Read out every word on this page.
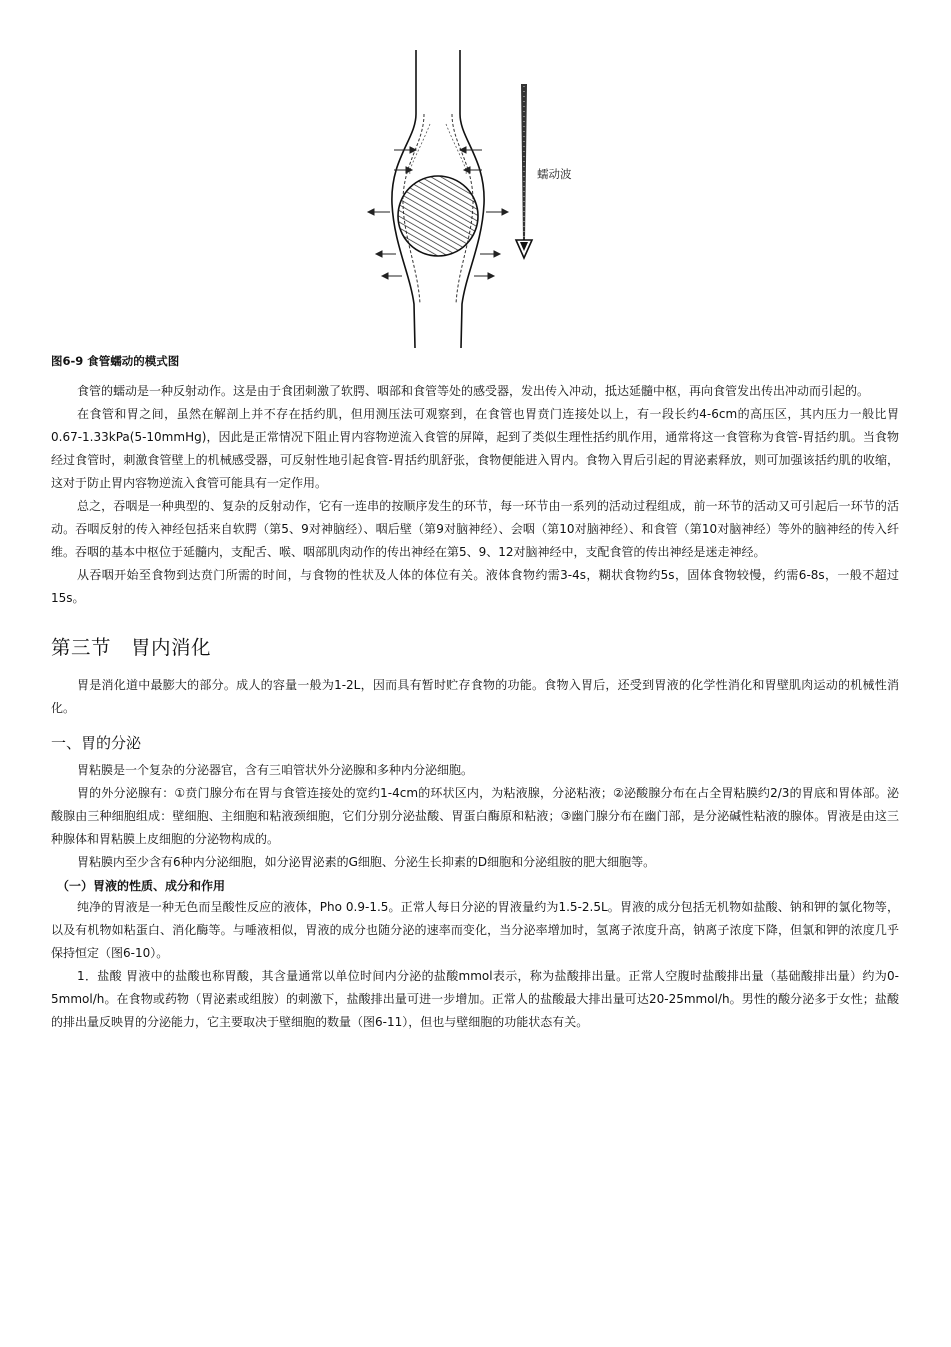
蠕动波
图6-9 食管蠕动的模式图

食管的蠕动是一种反射动作。这是由于食团刺激了软腭、咽部和食管等处的感受器，发出传入冲动，抵达延髓中枢，再向食管发出传出冲动而引起的。

在食管和胃之间，虽然在解剖上并不存在括约肌，但用测压法可观察到，在食管也胃贲门连接处以上，有一段长约4-6cm的高压区，其内压力一般比胃0.67-1.33kPa(5-10mmHg)，因此是正常情况下阻止胃内容物逆流入食管的屏障，起到了类似生理性括约肌作用，通常将这一食管称为食管-胃括约肌。当食物经过食管时，刺激食管壁上的机械感受器，可反射性地引起食管-胃括约肌舒张，食物便能进入胃内。食物入胃后引起的胃泌素释放，则可加强该括约肌的收缩，这对于防止胃内容物逆流入食管可能具有一定作用。

总之，吞咽是一种典型的、复杂的反射动作，它有一连串的按顺序发生的环节，每一环节由一系列的活动过程组成，前一环节的活动又可引起后一环节的活动。吞咽反射的传入神经包括来自软腭（第5、9对神脑经）、咽后壁（第9对脑神经）、会咽（第10对脑神经）、和食管（第10对脑神经）等外的脑神经的传入纤维。吞咽的基本中枢位于延髓内，支配舌、喉、咽部肌肉动作的传出神经在第5、9、12对脑神经中，支配食管的传出神经是迷走神经。

从吞咽开始至食物到达贲门所需的时间，与食物的性状及人体的体位有关。液体食物约需3-4s，糊状食物约5s，固体食物较慢，约需6-8s，一般不超过15s。

第三节　胃内消化

胃是消化道中最膨大的部分。成人的容量一般为1-2L，因而具有暂时贮存食物的功能。食物入胃后，还受到胃液的化学性消化和胃壁肌肉运动的机械性消化。

一、胃的分泌

胃粘膜是一个复杂的分泌器官，含有三咱管状外分泌腺和多种内分泌细胞。

胃的外分泌腺有：①贲门腺分布在胃与食管连接处的宽约1-4cm的环状区内，为粘液腺，分泌粘液；②泌酸腺分布在占全胃粘膜约2/3的胃底和胃体部。泌酸腺由三种细胞组成：壁细胞、主细胞和粘液颈细胞，它们分别分泌盐酸、胃蛋白酶原和粘液；③幽门腺分布在幽门部，是分泌碱性粘液的腺体。胃液是由这三种腺体和胃粘膜上皮细胞的分泌物构成的。

胃粘膜内至少含有6种内分泌细胞，如分泌胃泌素的G细胞、分泌生长抑素的D细胞和分泌组胺的肥大细胞等。

（一）胃液的性质、成分和作用

纯净的胃液是一种无色而呈酸性反应的液体，Pho 0.9-1.5。正常人每日分泌的胃液量约为1.5-2.5L。胃液的成分包括无机物如盐酸、钠和钾的氯化物等，以及有机物如粘蛋白、消化酶等。与唾液相似，胃液的成分也随分泌的速率而变化，当分泌率增加时，氢离子浓度升高，钠离子浓度下降，但氯和钾的浓度几乎保持恒定（图6-10）。

1．盐酸 胃液中的盐酸也称胃酸，其含量通常以单位时间内分泌的盐酸mmol表示，称为盐酸排出量。正常人空腹时盐酸排出量（基础酸排出量）约为0-5mmol/h。在食物或药物（胃泌素或组胺）的刺激下，盐酸排出量可进一步增加。正常人的盐酸最大排出量可达20-25mmol/h。男性的酸分泌多于女性；盐酸的排出量反映胃的分泌能力，它主要取决于壁细胞的数量（图6-11），但也与壁细胞的功能状态有关。
